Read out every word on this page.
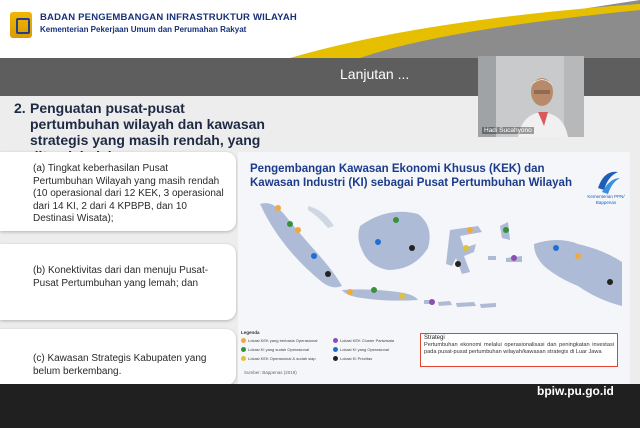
BADAN PENGEMBANGAN INFRASTRUKTUR WILAYAH
Kementerian Pekerjaan Umum dan Perumahan Rakyat
Lanjutan ...
2. Penguatan pusat-pusat pertumbuhan wilayah dan kawasan strategis yang masih rendah, yang
(a) Tingkat keberhasilan Pusat Pertumbuhan Wilayah yang masih rendah (10 operasional dari 12 KEK, 3 operasional dari 14 KI, 2 dari 4 KPBPB, dan 10 Destinasi Wisata);
(b) Konektivitas dari dan menuju Pusat-Pusat Pertumbuhan yang lemah; dan
(c) Kawasan Strategis Kabupaten yang belum berkembang.
Pengembangan Kawasan Ekonomi Khusus (KEK) dan Kawasan Industri (KI) sebagai Pusat Pertumbuhan Wilayah
Kementerian PPN/ Bappenas
Legenda
Lokasi KEK yang berbasis Operasional
Lokasi KI yang sudah Operasional
Lokasi KEK Operasional & sudah siap
Lokasi KEK Cluster Pariwisata
Lokasi KI yang Operasional
Lokasi KI Prioritas
Sumber: Bappenas (2019)
Strategi
Pertumbuhan ekonomi melalui operasionalisasi dan peningkatan investasi pada pusat-pusat pertumbuhan wilayah/kawasan strategis di Luar Jawa
Hadi Sucahyono
bpiw.pu.go.id
